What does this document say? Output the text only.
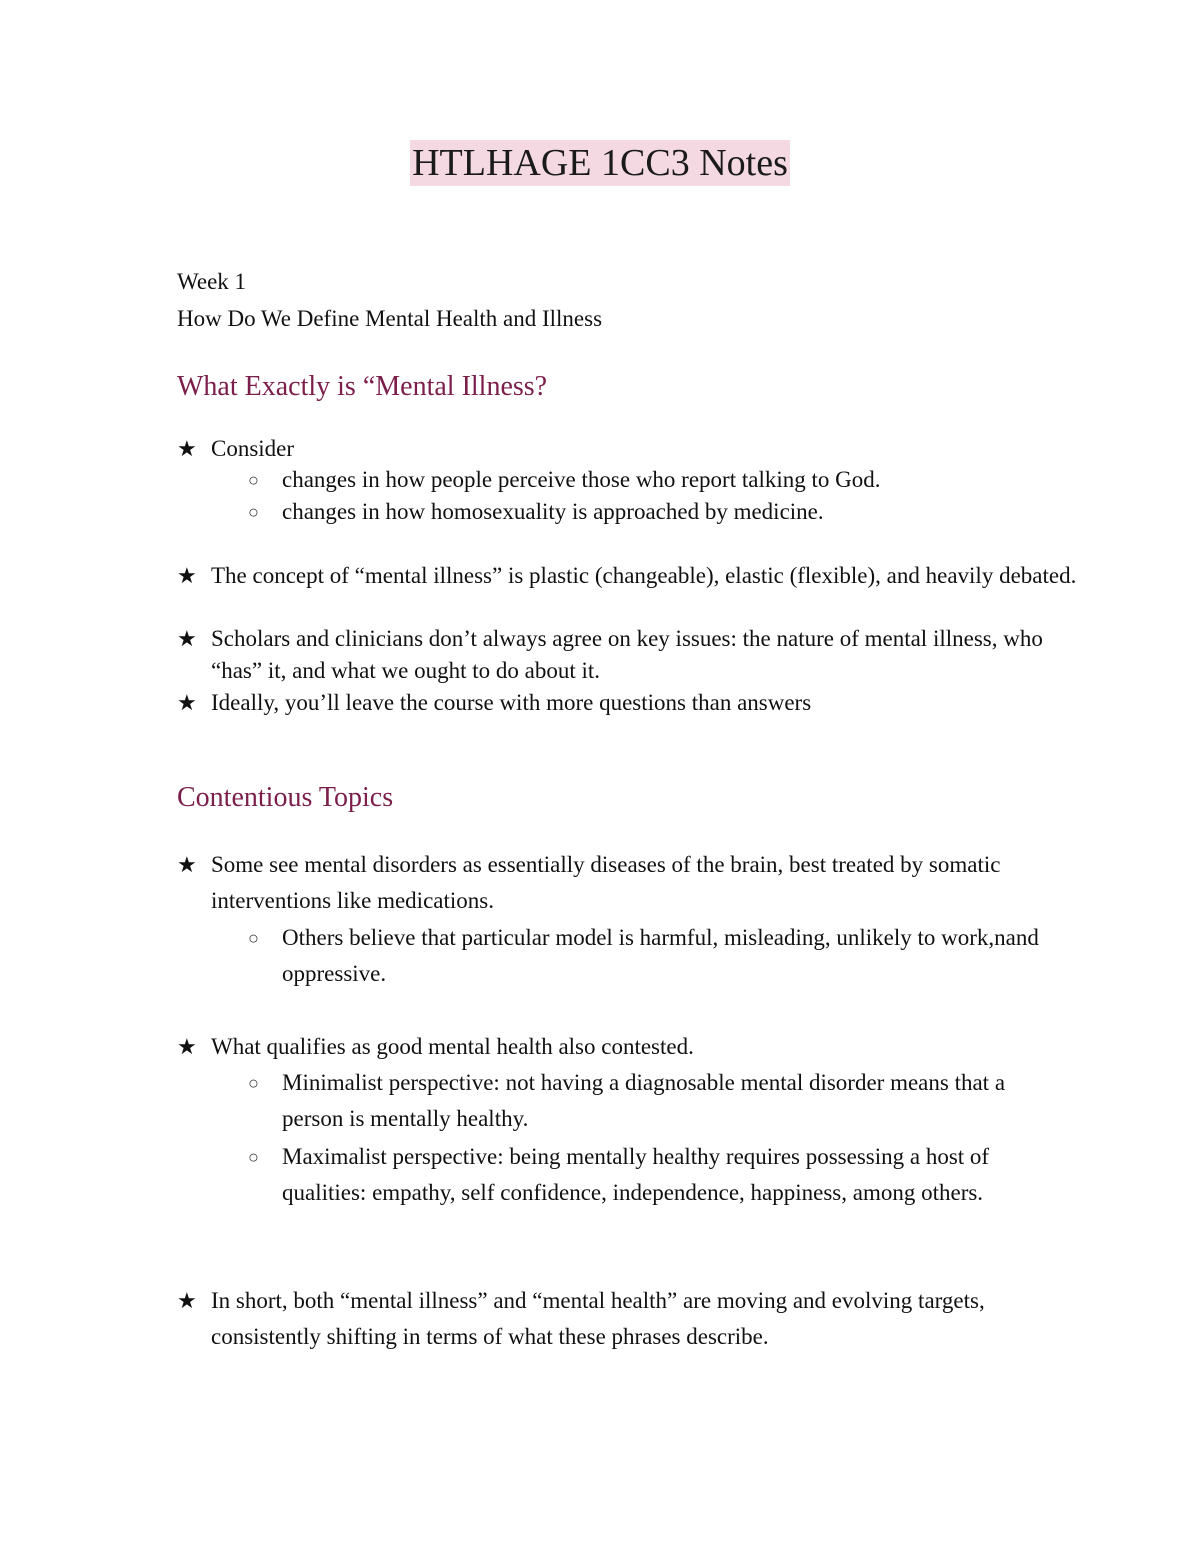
HTLHAGE 1CC3 Notes
Week 1
How Do We Define Mental Health and Illness
What Exactly is “Mental Illness?
★ Consider
○	changes in how people perceive those who report talking to God.
○	changes in how homosexuality is approached by medicine.
★ The concept of “mental illness” is plastic (changeable), elastic (flexible), and heavily debated.
★ Scholars and clinicians don’t always agree on key issues: the nature of mental illness, who “has” it, and what we ought to do about it.
★ Ideally, you’ll leave the course with more questions than answers
Contentious Topics
★ Some see mental disorders as essentially diseases of the brain, best treated by somatic interventions like medications.
○	Others believe that particular model is harmful, misleading, unlikely to work,nand oppressive.
★ What qualifies as good mental health also contested.
○	Minimalist perspective: not having a diagnosable mental disorder means that a person is mentally healthy.
○	Maximalist perspective: being mentally healthy requires possessing a host of qualities: empathy, self confidence, independence, happiness, among others.
★ In short, both “mental illness” and “mental health” are moving and evolving targets, consistently shifting in terms of what these phrases describe.
